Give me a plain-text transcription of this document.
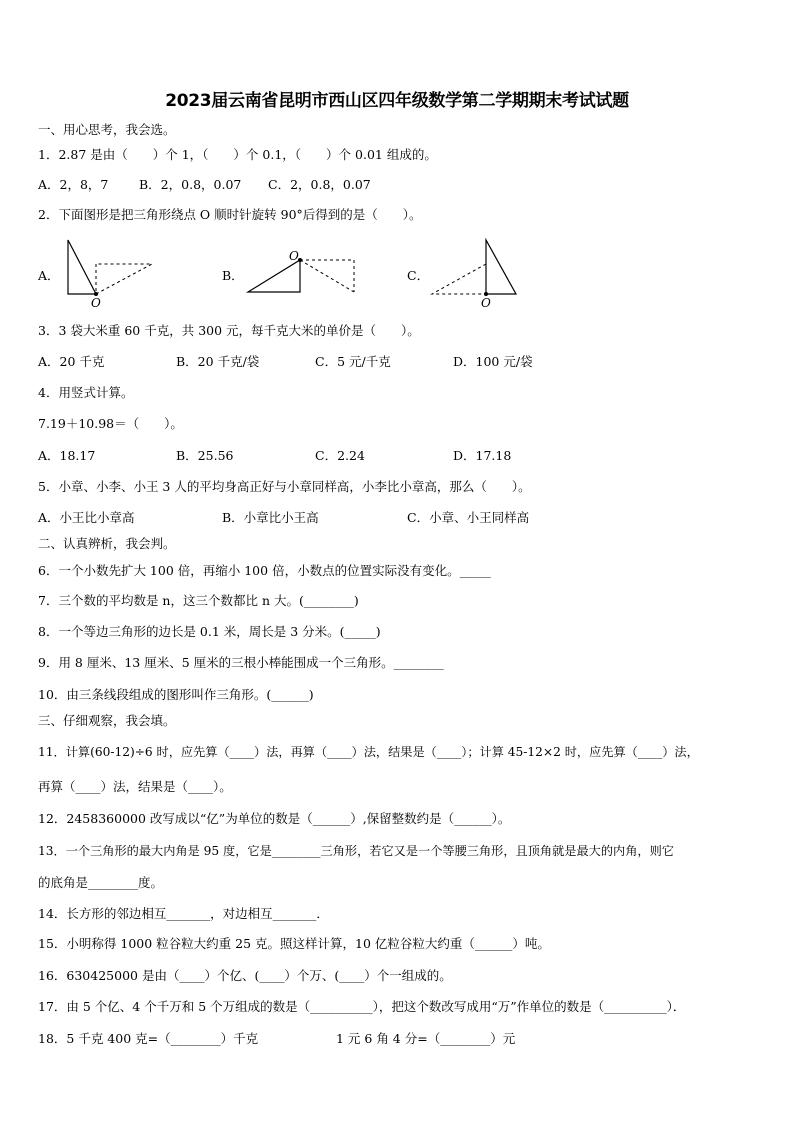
2023届云南省昆明市西山区四年级数学第二学期期末考试试题
一、用心思考，我会选。
1．2.87 是由（　　）个 1，（　　）个 0.1，（　　）个 0.01 组成的。
A．2，8，7 B．2，0.8，0.07 C．2，0.8，0.07
2．下面图形是把三角形绕点 O 顺时针旋转 90°后得到的是（　　）。
A．
O
B．
O
C．
O
3．3 袋大米重 60 千克，共 300 元，每千克大米的单价是（　　）。
A．20 千克	B．20 千克/袋	C．5 元/千克	D．100 元/袋
4．用竖式计算。
7.19＋10.98＝（　　）。
A．18.17	B．25.56	C．2.24	D．17.18
5．小章、小李、小王 3 人的平均身高正好与小章同样高，小李比小章高，那么（　　）。
A．小王比小章高	B．小章比小王高	C．小章、小王同样高
二、认真辨析，我会判。
6．一个小数先扩大 100 倍，再缩小 100 倍，小数点的位置实际没有变化。_____
7．三个数的平均数是 n，这三个数都比 n 大。(________)
8．一个等边三角形的边长是 0.1 米，周长是 3 分米。(_____)
9．用 8 厘米、13 厘米、5 厘米的三根小棒能围成一个三角形。________
10．由三条线段组成的图形叫作三角形。(______)
三、仔细观察，我会填。
11．计算(60-12)÷6 时，应先算（____）法，再算（____）法，结果是（____）；计算 45-12×2 时，应先算（____）法，
再算（____）法，结果是（____）。
12．2458360000 改写成以“亿”为单位的数是（______）,保留整数约是（______）。
13．一个三角形的最大内角是 95 度，它是________三角形，若它又是一个等腰三角形，且顶角就是最大的内角，则它
的底角是________度。
14．长方形的邻边相互_______，对边相互_______．
15．小明称得 1000 粒谷粒大约重 25 克。照这样计算，10 亿粒谷粒大约重（______）吨。
16．630425000 是由（____）个亿、(____）个万、(____）个一组成的。
17．由 5 个亿、4 个千万和 5 个万组成的数是（__________），把这个数改写成用“万”作单位的数是（__________）．
18．5 千克 400 克=（________）千克	1 元 6 角 4 分=（________）元
